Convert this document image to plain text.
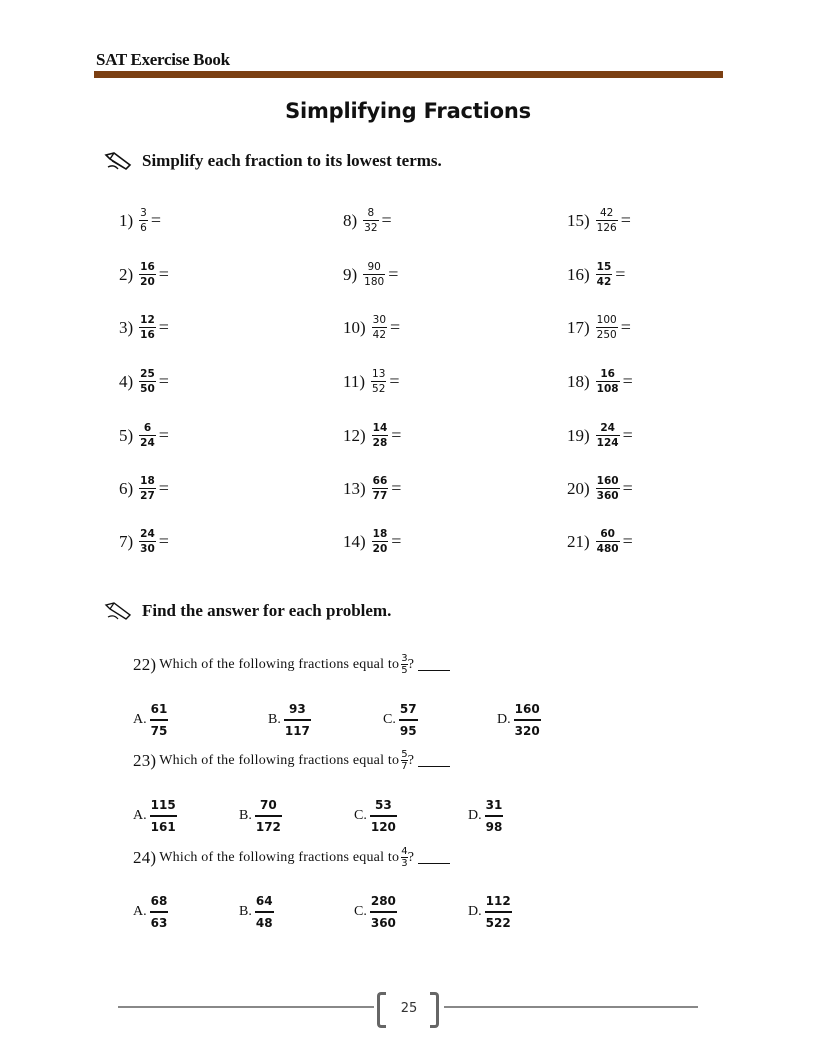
SAT Exercise Book
Simplifying Fractions
Simplify each fraction to its lowest terms.
$1) \frac{3}{6}$ =
$2) \frac{16}{20}$ =
$3) \frac{12}{16}$ =
$4) \frac{25}{50}$ =
$5) \frac{6}{24}$ =
$6) \frac{18}{27}$ =
$7) \frac{24}{30}$ =
$8) \frac{8}{32}$ =
$9) \frac{90}{180}$ =
$10) \frac{30}{42}$ =
$11) \frac{13}{52}$ =
$12) \frac{14}{28}$ =
$13) \frac{66}{77}$ =
$14) \frac{18}{20}$ =
$15) \frac{42}{126}$ =
$16) \frac{15}{42}$ =
$17) \frac{100}{250}$ =
$18) \frac{16}{108}$ =
$19) \frac{24}{124}$ =
$20) \frac{160}{360}$ =
$21) \frac{60}{480}$ =
Find the answer for each problem.
22) Which of the following fractions equal to $\frac{3}{5}$ ?
A. $\frac{61}{75}$	B. $\frac{93}{117}$	C. $\frac{57}{95}$	D. $\frac{160}{320}$
23) Which of the following fractions equal to $\frac{5}{7}$ ?
A. $\frac{115}{161}$	B. $\frac{70}{172}$	C. $\frac{53}{120}$	D. $\frac{31}{98}$
24) Which of the following fractions equal to $\frac{4}{3}$ ?
A. $\frac{68}{63}$	B. $\frac{64}{48}$	C. $\frac{280}{360}$	D. $\frac{112}{522}$
25
